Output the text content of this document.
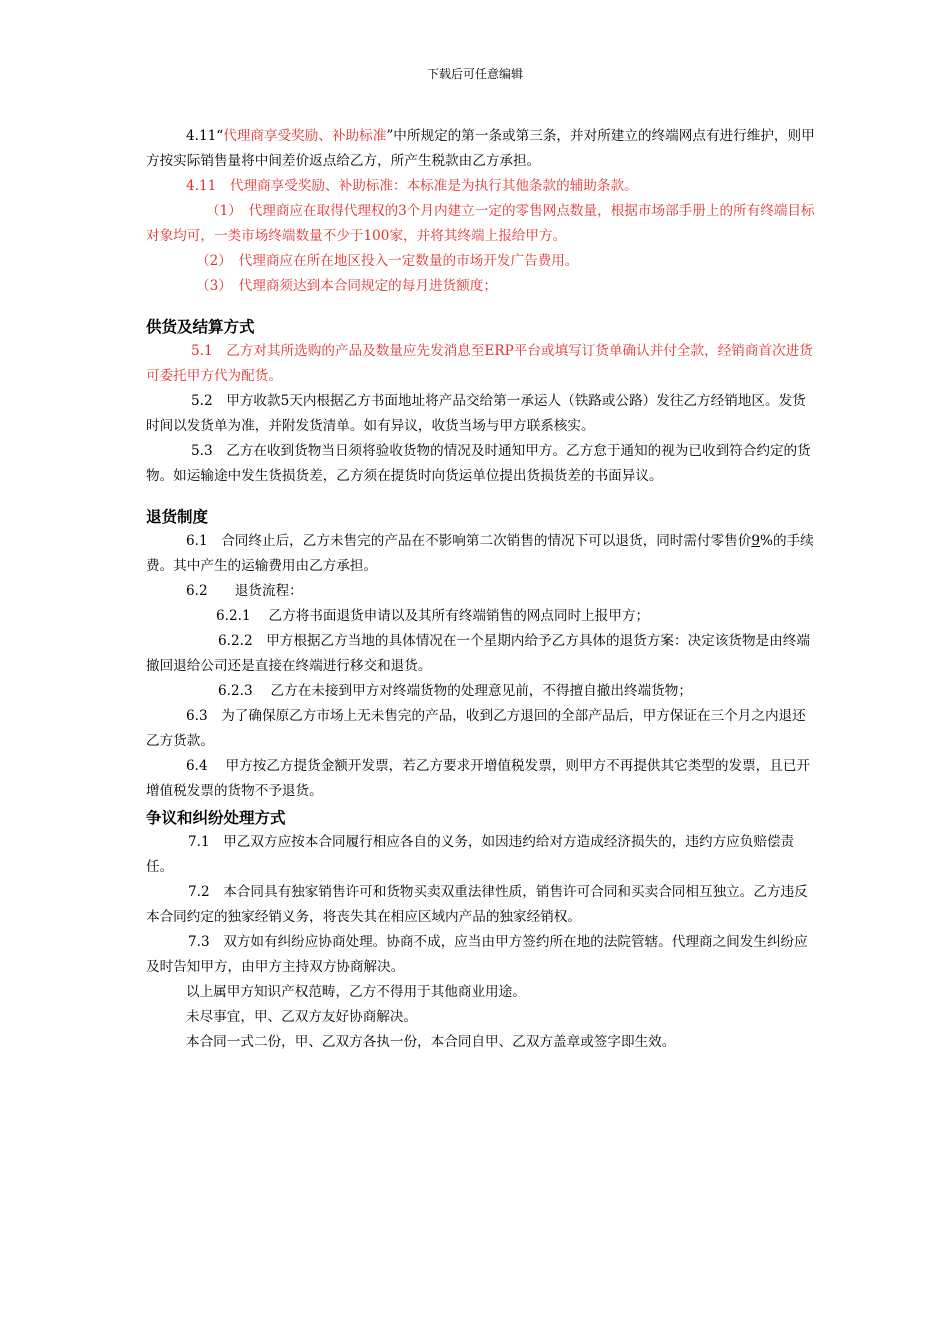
下载后可任意编辑

4.11“代理商享受奖励、补助标准”中所规定的第一条或第三条，并对所建立的终端网点有进行维护，则甲方按实际销售量将中间差价返点给乙方，所产生税款由乙方承担。

4.11　代理商享受奖励、补助标准：本标准是为执行其他条款的辅助条款。

（1）　代理商应在取得代理权的3个月内建立一定的零售网点数量，根据市场部手册上的所有终端目标对象均可，一类市场终端数量不少于100家，并将其终端上报给甲方。

（2）　代理商应在所在地区投入一定数量的市场开发广告费用。

（3）　代理商须达到本合同规定的每月进货额度；

供货及结算方式

5.1　乙方对其所选购的产品及数量应先发消息至ERP平台或填写订货单确认并付全款，经销商首次进货可委托甲方代为配货。

5.2　甲方收款5天内根据乙方书面地址将产品交给第一承运人（铁路或公路）发往乙方经销地区。发货时间以发货单为准，并附发货清单。如有异议，收货当场与甲方联系核实。

5.3　乙方在收到货物当日须将验收货物的情况及时通知甲方。乙方怠于通知的视为已收到符合约定的货物。如运输途中发生货损货差，乙方须在提货时向货运单位提出货损货差的书面异议。

退货制度

6.1　合同终止后，乙方未售完的产品在不影响第二次销售的情况下可以退货，同时需付零售价9%的手续费。其中产生的运输费用由乙方承担。

6.2　　退货流程：

6.2.1　 乙方将书面退货申请以及其所有终端销售的网点同时上报甲方；

6.2.2　甲方根据乙方当地的具体情况在一个星期内给予乙方具体的退货方案：决定该货物是由终端撤回退给公司还是直接在终端进行移交和退货。

6.2.3　 乙方在未接到甲方对终端货物的处理意见前，不得擅自撤出终端货物；

6.3　为了确保原乙方市场上无未售完的产品，收到乙方退回的全部产品后，甲方保证在三个月之内退还乙方货款。

6.4　 甲方按乙方提货金额开发票，若乙方要求开增值税发票，则甲方不再提供其它类型的发票，且已开增值税发票的货物不予退货。

争议和纠纷处理方式

7.1　甲乙双方应按本合同履行相应各自的义务，如因违约给对方造成经济损失的，违约方应负赔偿责任。

7.2　本合同具有独家销售许可和货物买卖双重法律性质，销售许可合同和买卖合同相互独立。乙方违反本合同约定的独家经销义务，将丧失其在相应区域内产品的独家经销权。

7.3　双方如有纠纷应协商处理。协商不成，应当由甲方签约所在地的法院管辖。代理商之间发生纠纷应及时告知甲方，由甲方主持双方协商解决。

以上属甲方知识产权范畴，乙方不得用于其他商业用途。

未尽事宜，甲、乙双方友好协商解决。

本合同一式二份，甲、乙双方各执一份，本合同自甲、乙双方盖章或签字即生效。
